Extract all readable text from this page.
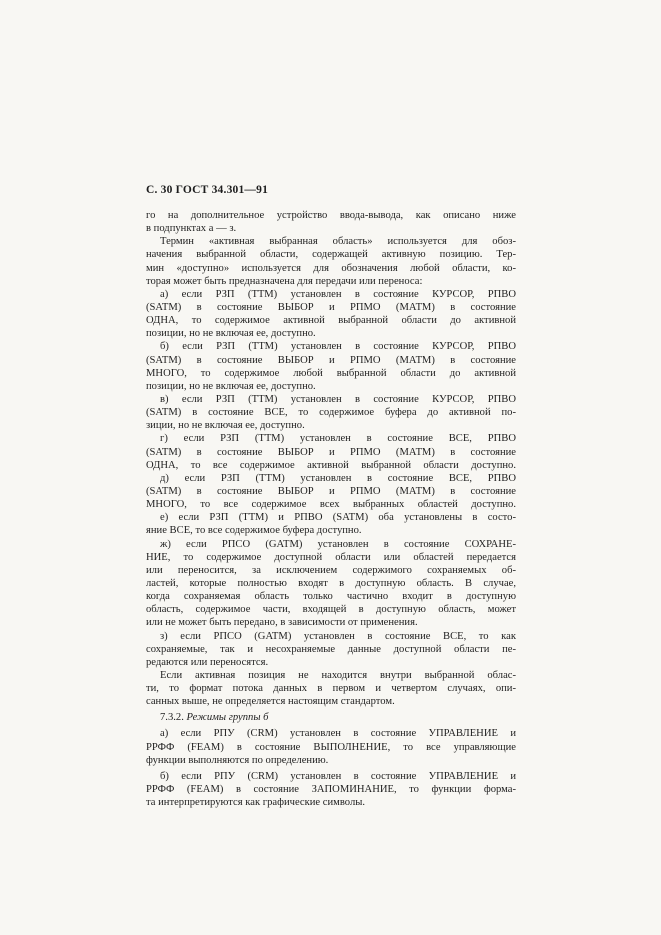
С. 30 ГОСТ 34.301—91
го на дополнительное устройство ввода-вывода, как описано ниже
в подпунктах а — з.
Термин «активная выбранная область» используется для обоз-
начения выбранной области, содержащей активную позицию. Тер-
мин «доступно» используется для обозначения любой области, ко-
торая может быть предназначена для передачи или переноса:
а) если РЗП (ТТМ) установлен в состояние КУРСОР, РПВО
(SATM) в состояние ВЫБОР и РПМО (МАТМ) в состояние
ОДНА, то содержимое активной выбранной области до активной
позиции, но не включая ее, доступно.
б) если РЗП (ТТМ) установлен в состояние КУРСОР, РПВО
(SATM) в состояние ВЫБОР и РПМО (МАТМ) в состояние
МНОГО, то содержимое любой выбранной области до активной
позиции, но не включая ее, доступно.
в) если РЗП (ТТМ) установлен в состояние КУРСОР, РПВО
(SATM) в состояние ВСЕ, то содержимое буфера до активной по-
зиции, но не включая ее, доступно.
г) если РЗП (ТТМ) установлен в состояние ВСЕ, РПВО
(SATM) в состояние ВЫБОР и РПМО (МАТМ) в состояние
ОДНА, то все содержимое активной выбранной области доступно.
д) если РЗП (ТТМ) установлен в состояние ВСЕ, РПВО
(SATM) в состояние ВЫБОР и РПМО (МАТМ) в состояние
МНОГО, то все содержимое всех выбранных областей доступно.
е) если РЗП (ТТМ) и РПВО (SATM) оба установлены в состо-
яние ВСЕ, то все содержимое буфера доступно.
ж) если РПСО (GATM) установлен в состояние СОХРАНЕ-
НИЕ, то содержимое доступной области или областей передается
или переносится, за исключением содержимого сохраняемых об-
ластей, которые полностью входят в доступную область. В случае,
когда сохраняемая область только частично входит в доступную
область, содержимое части, входящей в доступную область, может
или не может быть передано, в зависимости от применения.
з) если РПСО (GATM) установлен в состояние ВСЕ, то как
сохраняемые, так и несохраняемые данные доступной области пе-
редаются или переносятся.
Если активная позиция не находится внутри выбранной облас-
ти, то формат потока данных в первом и четвертом случаях, опи-
санных выше, не определяется настоящим стандартом.
7.3.2. Режимы группы б
а) если РПУ (CRM) установлен в состояние УПРАВЛЕНИЕ и
РРФФ (FEAM) в состояние ВЫПОЛНЕНИЕ, то все управляющие
функции выполняются по определению.
б) если РПУ (CRM) установлен в состояние УПРАВЛЕНИЕ и
РРФФ (FEAM) в состояние ЗАПОМИНАНИЕ, то функции форма-
та интерпретируются как графические символы.
